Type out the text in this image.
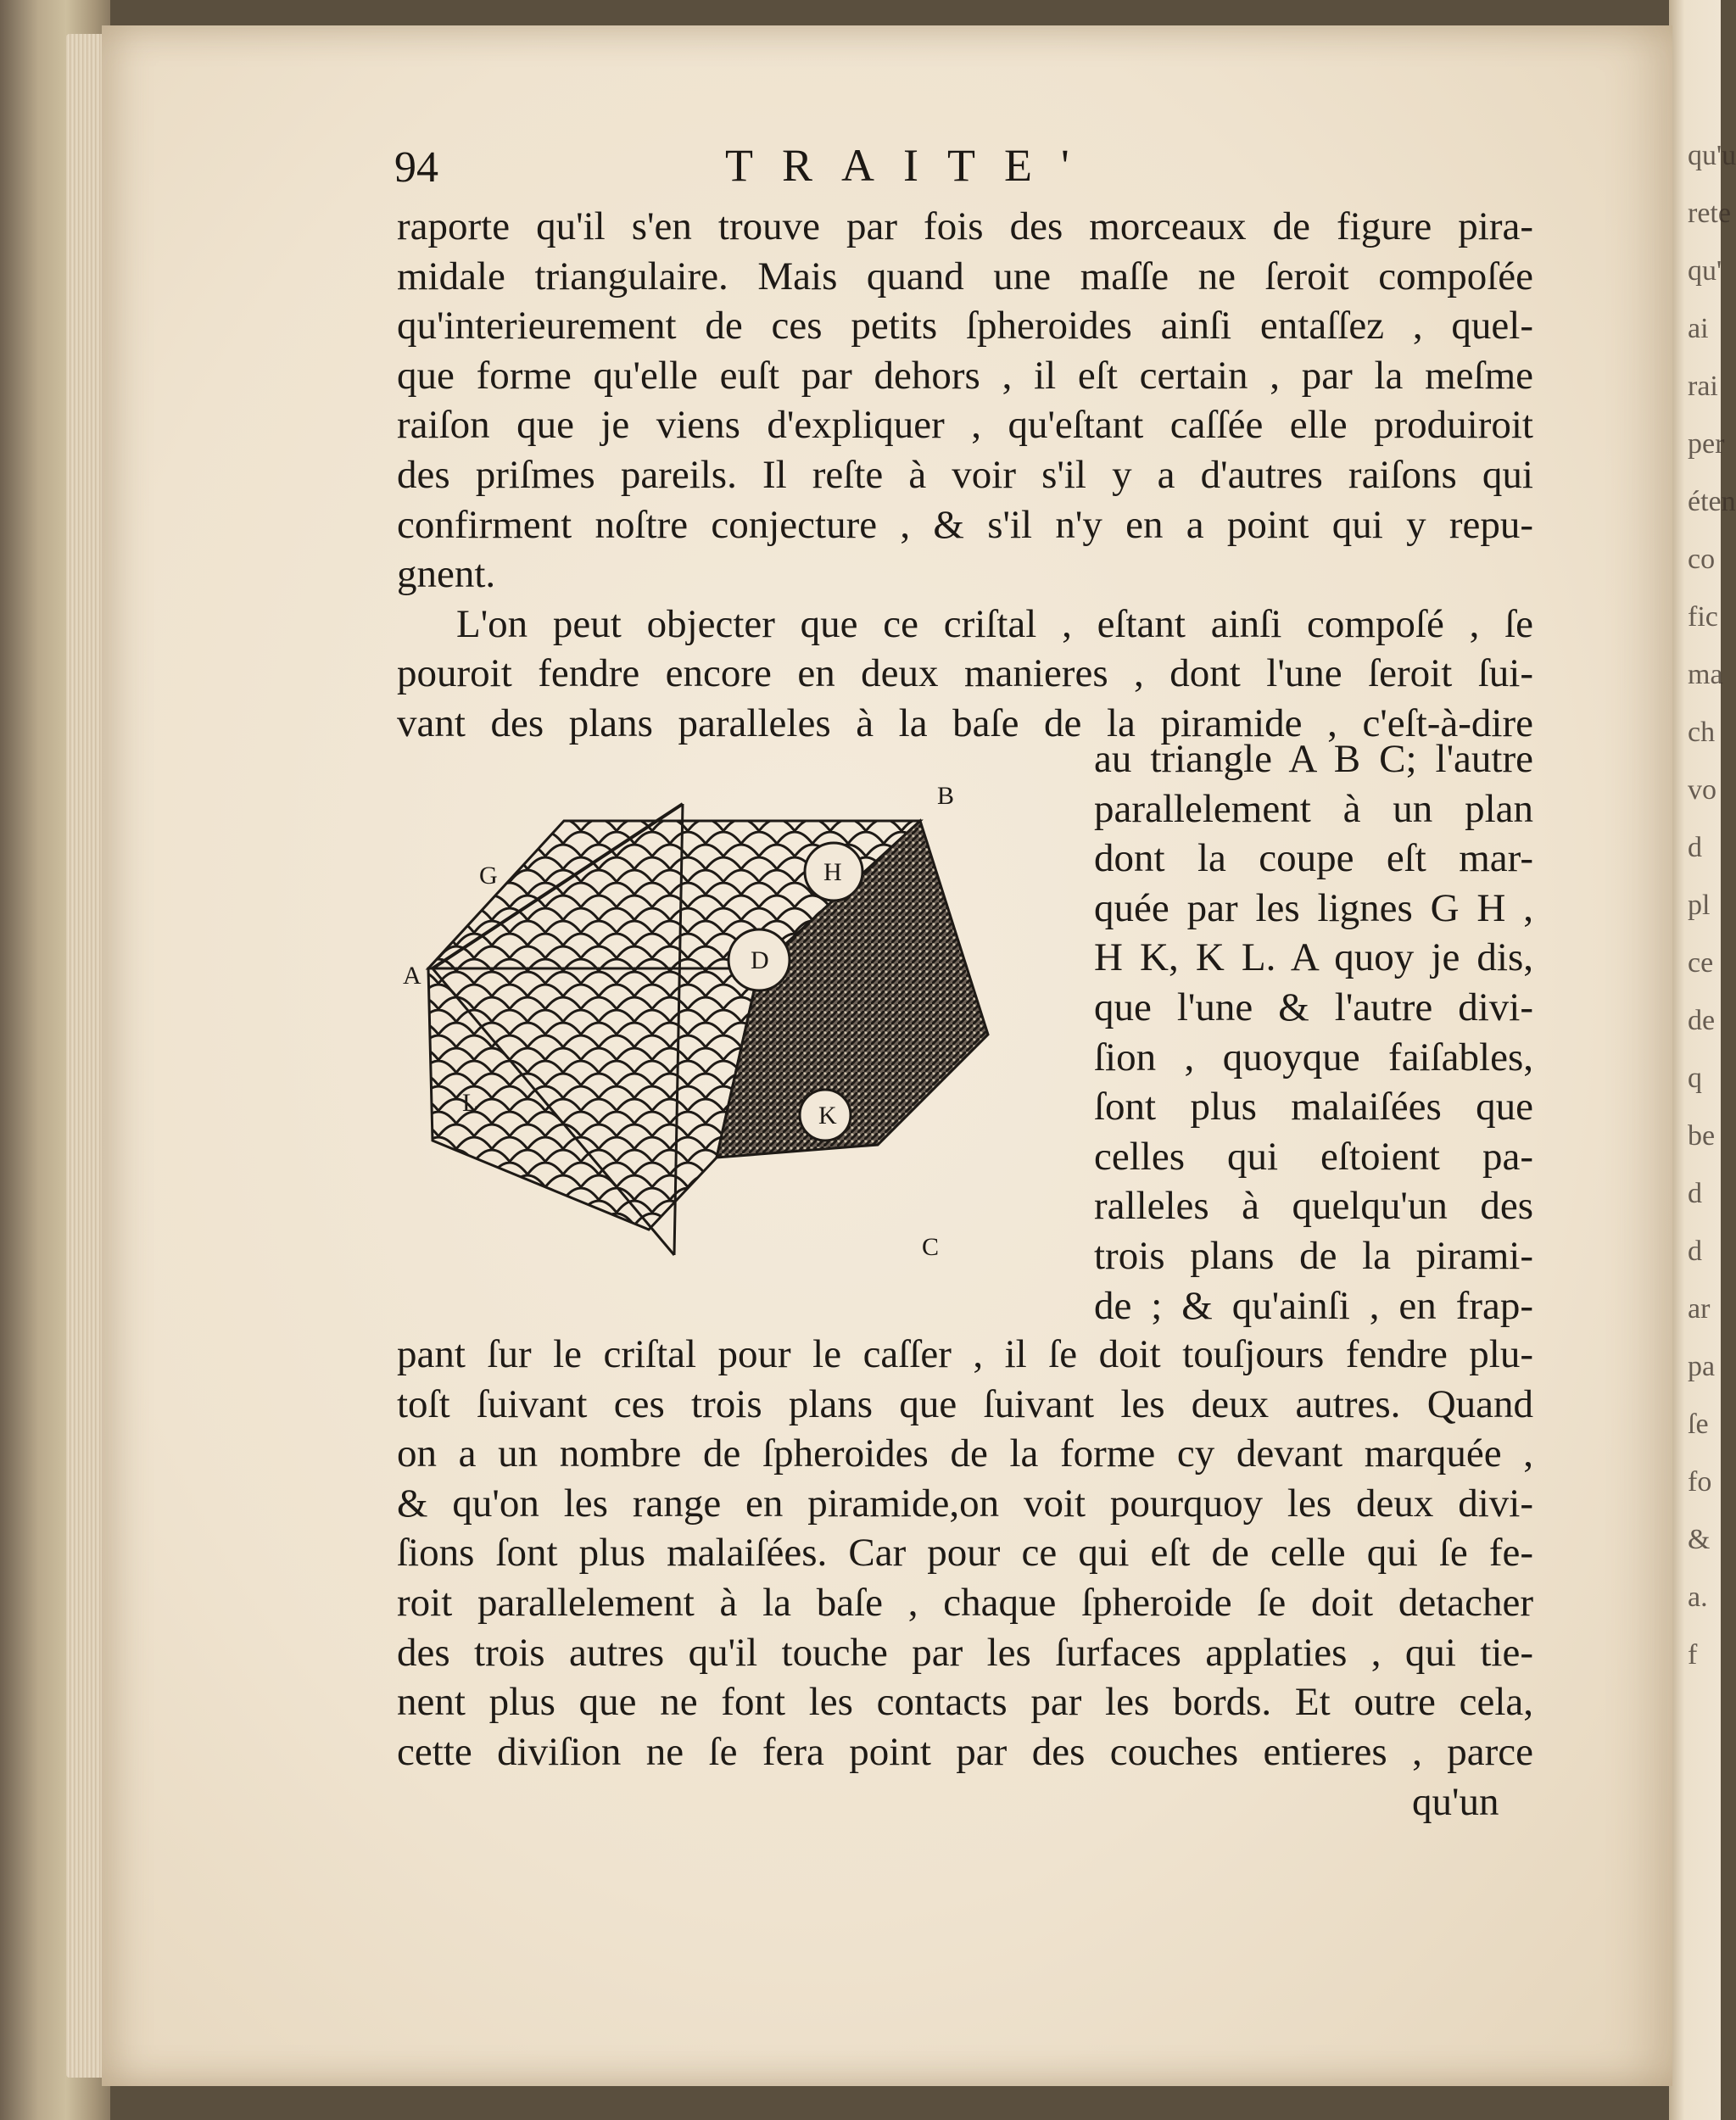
qu'u
rete
qu'
ai
rai
per
éten
co
fic
ma
ch
vo
d
pl
ce
de
q
be
d
d
ar
pa
ſe
fo
&
a.
f
94	TRAITE'
raporte qu'il s'en trouve par fois des morceaux de figure pira-
midale triangulaire. Mais quand une maſſe ne ſeroit compoſée
qu'interieurement de ces petits ſpheroides ainſi entaſſez , quel-
que forme qu'elle euſt par dehors , il eſt certain , par la meſme
raiſon que je viens d'expliquer , qu'eſtant caſſée elle produiroit
des priſmes pareils. Il reſte à voir s'il y a d'autres raiſons qui
confirment noſtre conjecture , & s'il n'y en a point qui y repu-
gnent.
L'on peut objecter que ce criſtal , eſtant ainſi compoſé , ſe
pouroit fendre encore en deux manieres , dont l'une ſeroit ſui-
vant des plans paralleles à la baſe de la piramide , c'eſt-à-dire
A
B
C
D
G	H
K
L
au triangle A B C; l'autre
parallelement à un plan
dont la coupe eſt mar-
quée par les lignes G H ,
H K, K L. A quoy je dis,
que l'une & l'autre divi-
ſion , quoyque faiſables,
ſont plus malaiſées que
celles qui eſtoient pa-
ralleles à quelqu'un des
trois plans de la pirami-
de ; & qu'ainſi , en frap-
pant ſur le criſtal pour le caſſer , il ſe doit touſjours fendre plu-
toſt ſuivant ces trois plans que ſuivant les deux autres. Quand
on a un nombre de ſpheroides de la forme cy devant marquée ,
& qu'on les range en piramide,on voit pourquoy les deux divi-
ſions ſont plus malaiſées. Car pour ce qui eſt de celle qui ſe fe-
roit parallelement à la baſe , chaque ſpheroide ſe doit detacher
des trois autres qu'il touche par les ſurfaces applaties , qui tie-
nent plus que ne font les contacts par les bords. Et outre cela,
cette diviſion ne ſe fera point par des couches entieres , parce
qu'un
